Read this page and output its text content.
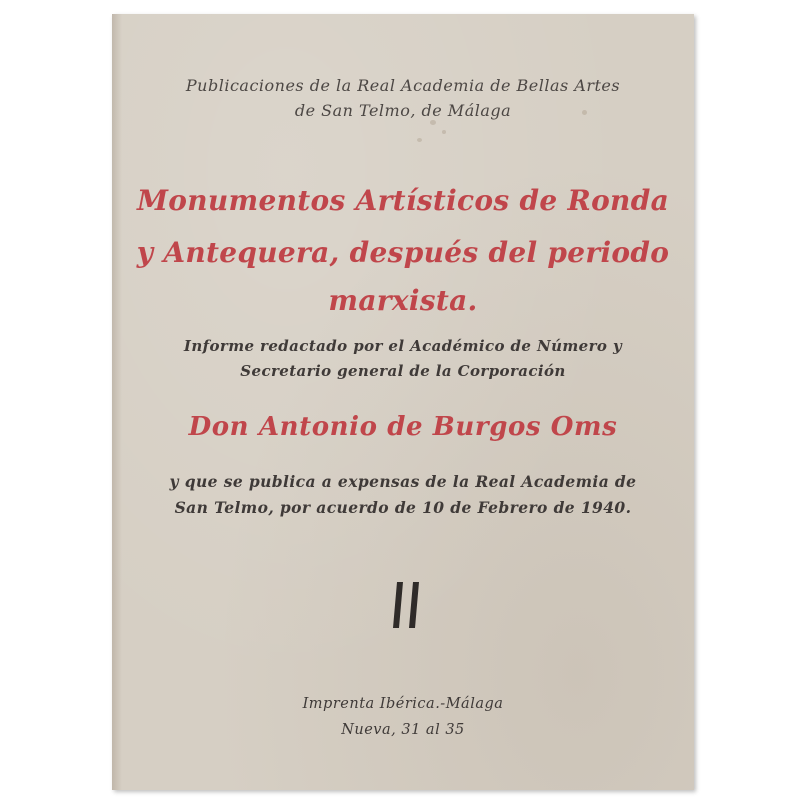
Publicaciones de la Real Academia de Bellas Artes
de San Telmo, de Málaga
Monumentos Artísticos de Ronda
y Antequera, después del periodo
marxista.
Informe redactado por el Académico de Número y
Secretario general de la Corporación
Don Antonio de Burgos Oms
y que se publica a expensas de la Real Academia de
San Telmo, por acuerdo de 10 de Febrero de 1940.
Imprenta Ibérica.-Málaga
Nueva, 31 al 35
